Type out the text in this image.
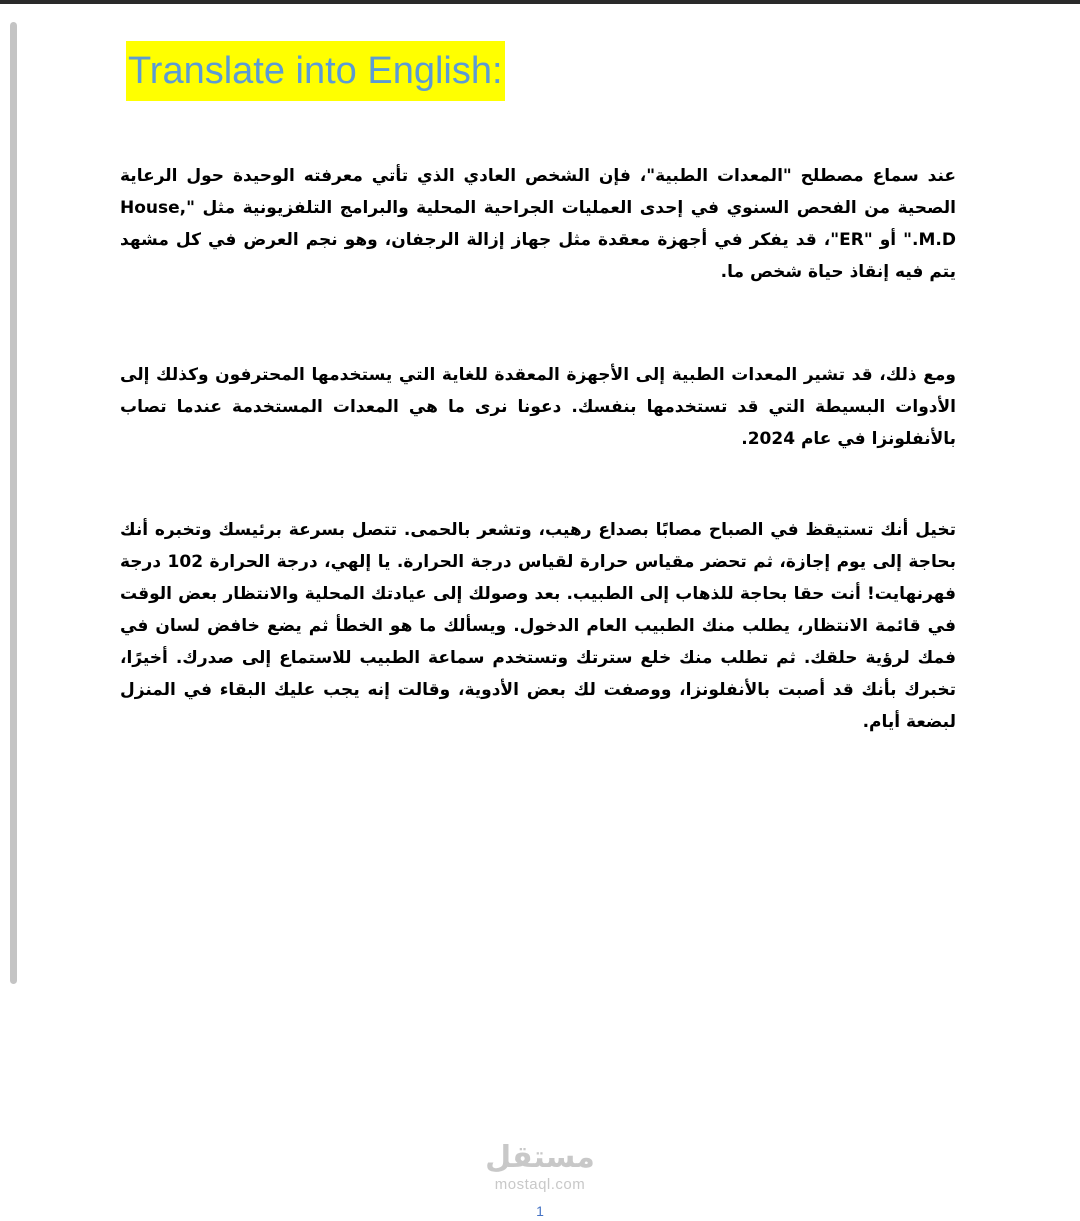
Translate into English:

عند سماع مصطلح "المعدات الطبية"، فإن الشخص العادي الذي تأتي معرفته الوحيدة حول الرعاية الصحية من الفحص السنوي في إحدى العمليات الجراحية المحلية والبرامج التلفزيونية مثل "House, M.D." أو "ER"، قد يفكر في أجهزة معقدة مثل جهاز إزالة الرجفان، وهو نجم العرض في كل مشهد يتم فيه إنقاذ حياة شخص ما.

ومع ذلك، قد تشير المعدات الطبية إلى الأجهزة المعقدة للغاية التي يستخدمها المحترفون وكذلك إلى الأدوات البسيطة التي قد تستخدمها بنفسك. دعونا نرى ما هي المعدات المستخدمة عندما تصاب بالأنفلونزا في عام 2024.

تخيل أنك تستيقظ في الصباح مصابًا بصداع رهيب، وتشعر بالحمى. تتصل بسرعة برئيسك وتخبره أنك بحاجة إلى يوم إجازة، ثم تحضر مقياس حرارة لقياس درجة الحرارة. يا إلهي، درجة الحرارة 102 درجة فهرنهايت! أنت حقا بحاجة للذهاب إلى الطبيب. بعد وصولك إلى عيادتك المحلية والانتظار بعض الوقت في قائمة الانتظار، يطلب منك الطبيب العام الدخول. ويسألك ما هو الخطأ ثم يضع خافض لسان في فمك لرؤية حلقك. ثم تطلب منك خلع سترتك وتستخدم سماعة الطبيب للاستماع إلى صدرك. أخيرًا، تخبرك بأنك قد أصبت بالأنفلونزا، ووصفت لك بعض الأدوية، وقالت إنه يجب عليك البقاء في المنزل لبضعة أيام.

مستقل
mostaql.com
1
